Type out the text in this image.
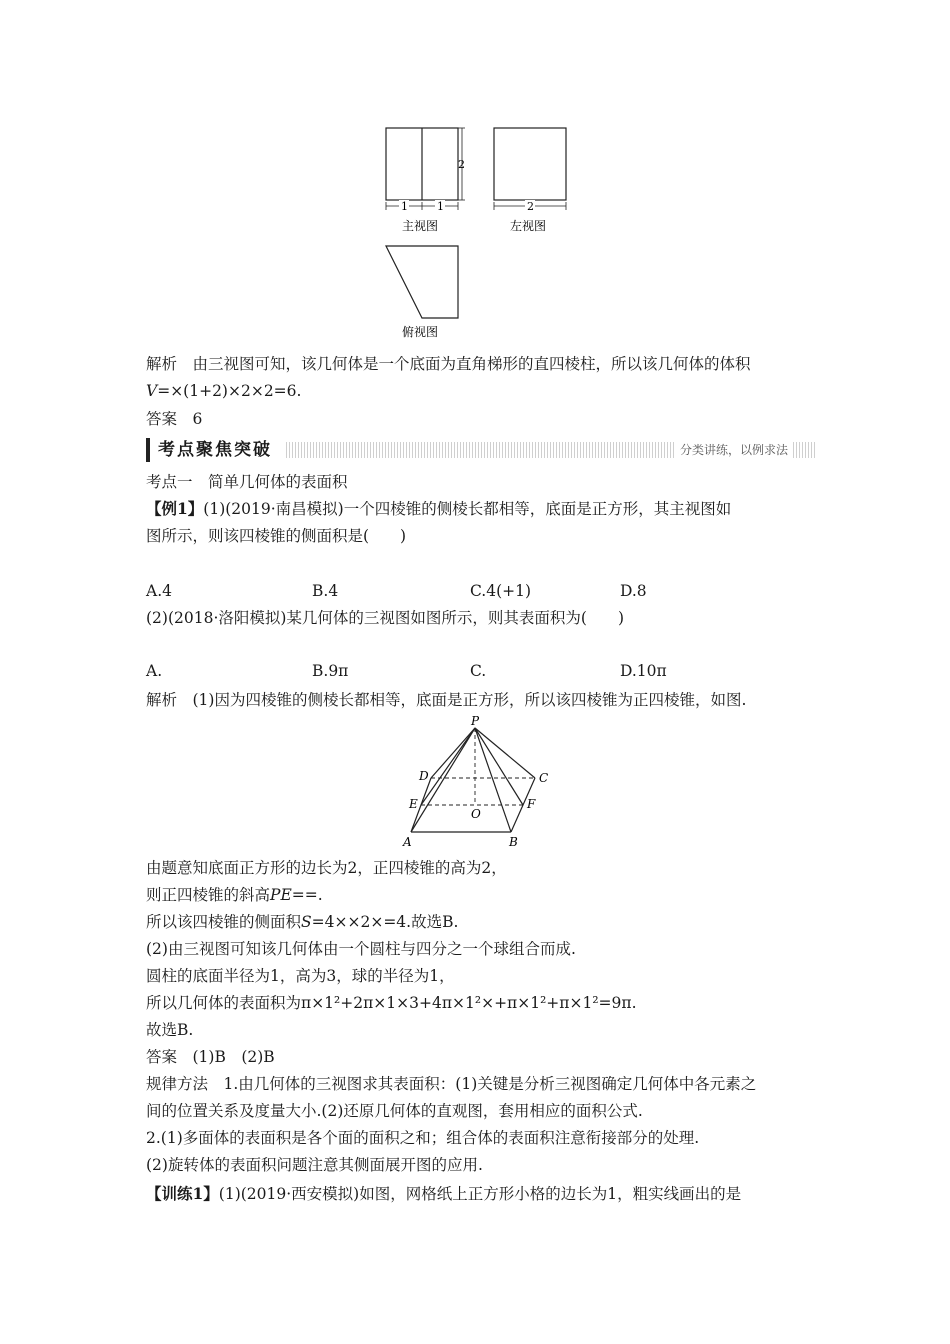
2
1	1
主视图
2
左视图
俯视图
解析　由三视图可知，该几何体是一个底面为直角梯形的直四棱柱，所以该几何体的体积
V=×(1+2)×2×2=6.
答案　6
考点聚焦突破	分类讲练，以例求法
考点一　简单几何体的表面积
【例1】(1)(2019·南昌模拟)一个四棱锥的侧棱长都相等，底面是正方形，其主视图如
图所示，则该四棱锥的侧面积是(　　)
A.4	B.4	C.4(+1)	D.8
(2)(2018·洛阳模拟)某几何体的三视图如图所示，则其表面积为(　　)
A.	B.9π	C.	D.10π
解析　(1)因为四棱锥的侧棱长都相等，底面是正方形，所以该四棱锥为正四棱锥，如图.
P
D	C
E
O
F
A	B
由题意知底面正方形的边长为2，正四棱锥的高为2，
则正四棱锥的斜高PE==.
所以该四棱锥的侧面积S=4××2×=4.故选B.
(2)由三视图可知该几何体由一个圆柱与四分之一个球组合而成.
圆柱的底面半径为1，高为3，球的半径为1，
所以几何体的表面积为π×1²+2π×1×3+4π×1²×+π×1²+π×1²=9π.
故选B.
答案　(1)B　(2)B
规律方法　1.由几何体的三视图求其表面积：(1)关键是分析三视图确定几何体中各元素之
间的位置关系及度量大小.(2)还原几何体的直观图，套用相应的面积公式.
2.(1)多面体的表面积是各个面的面积之和；组合体的表面积注意衔接部分的处理.
(2)旋转体的表面积问题注意其侧面展开图的应用.
【训练1】(1)(2019·西安模拟)如图，网格纸上正方形小格的边长为1，粗实线画出的是
